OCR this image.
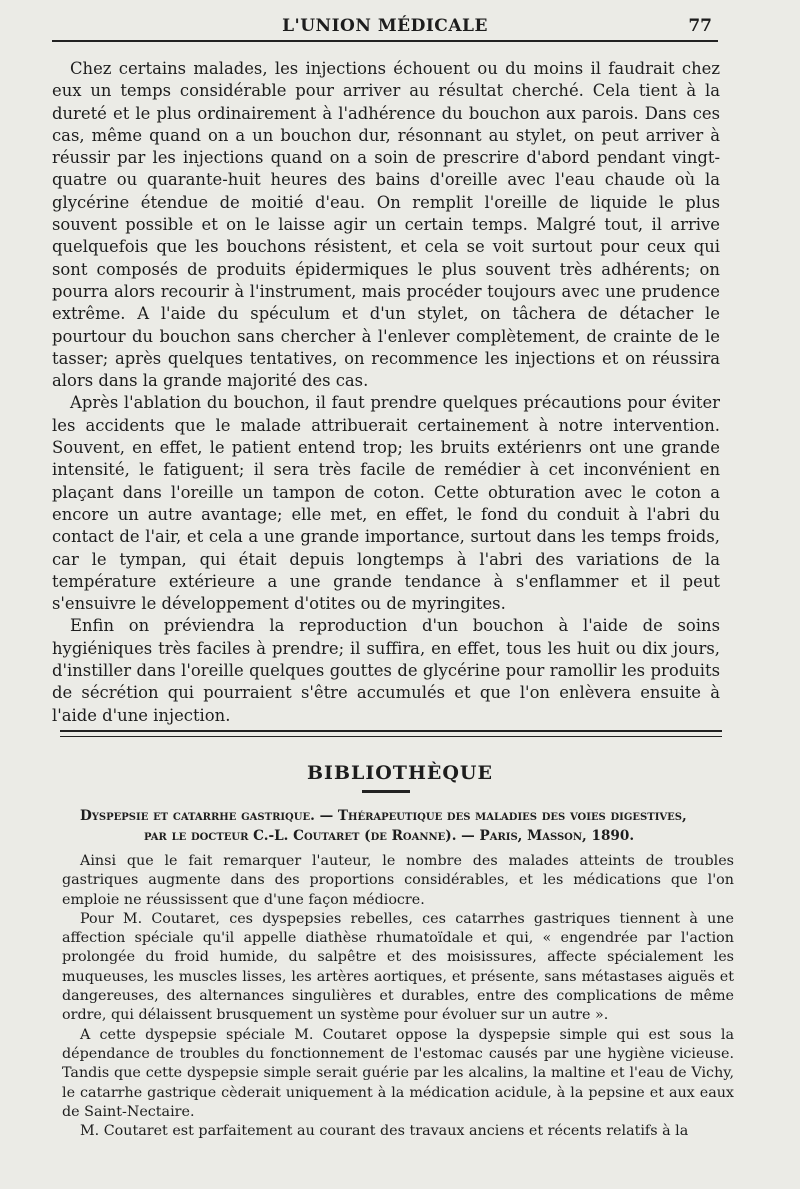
L'UNION MÉDICALE	77

Chez certains malades, les injections échouent ou du moins il faudrait chez eux un temps considérable pour arriver au résultat cherché. Cela tient à la dureté et le plus ordinairement à l'adhérence du bouchon aux parois. Dans ces cas, même quand on a un bouchon dur, résonnant au stylet, on peut arriver à réussir par les injections quand on a soin de prescrire d'abord pendant vingt-quatre ou quarante-huit heures des bains d'oreille avec l'eau chaude où la glycérine étendue de moitié d'eau. On remplit l'oreille de liquide le plus souvent possible et on le laisse agir un certain temps. Malgré tout, il arrive quelquefois que les bouchons résistent, et cela se voit surtout pour ceux qui sont composés de produits épidermiques le plus souvent très adhérents; on pourra alors recourir à l'instrument, mais procéder toujours avec une prudence extrême. A l'aide du spéculum et d'un stylet, on tâchera de détacher le pourtour du bouchon sans chercher à l'enlever complètement, de crainte de le tasser; après quelques tentatives, on recommence les injections et on réussira alors dans la grande majorité des cas.

Après l'ablation du bouchon, il faut prendre quelques précautions pour éviter les accidents que le malade attribuerait certainement à notre intervention. Souvent, en effet, le patient entend trop; les bruits extérienrs ont une grande intensité, le fatiguent; il sera très facile de remédier à cet inconvénient en plaçant dans l'oreille un tampon de coton. Cette obturation avec le coton a encore un autre avantage; elle met, en effet, le fond du conduit à l'abri du contact de l'air, et cela a une grande importance, surtout dans les temps froids, car le tympan, qui était depuis longtemps à l'abri des variations de la température extérieure a une grande tendance à s'enflammer et il peut s'ensuivre le développement d'otites ou de myringites.

Enfin on préviendra la reproduction d'un bouchon à l'aide de soins hygiéniques très faciles à prendre; il suffira, en effet, tous les huit ou dix jours, d'instiller dans l'oreille quelques gouttes de glycérine pour ramollir les produits de sécrétion qui pourraient s'être accumulés et que l'on enlèvera ensuite à l'aide d'une injection.

BIBLIOTHÈQUE
Dyspepsie et catarrhe gastrique. — Thérapeutique des maladies des voies digestives,
par le docteur C.-L. Coutaret (de Roanne). — Paris, Masson, 1890.

Ainsi que le fait remarquer l'auteur, le nombre des malades atteints de troubles gastriques augmente dans des proportions considérables, et les médications que l'on emploie ne réussissent que d'une façon médiocre.

Pour M. Coutaret, ces dyspepsies rebelles, ces catarrhes gastriques tiennent à une affection spéciale qu'il appelle diathèse rhumatoïdale et qui, « engendrée par l'action prolongée du froid humide, du salpêtre et des moisissures, affecte spécialement les muqueuses, les muscles lisses, les artères aortiques, et présente, sans métastases aiguës et dangereuses, des alternances singulières et durables, entre des complications de même ordre, qui délaissent brusquement un système pour évoluer sur un autre ».

A cette dyspepsie spéciale M. Coutaret oppose la dyspepsie simple qui est sous la dépendance de troubles du fonctionnement de l'estomac causés par une hygiène vicieuse. Tandis que cette dyspepsie simple serait guérie par les alcalins, la maltine et l'eau de Vichy, le catarrhe gastrique cèderait uniquement à la médication acidule, à la pepsine et aux eaux de Saint-Nectaire.

M. Coutaret est parfaitement au courant des travaux anciens et récents relatifs à la
